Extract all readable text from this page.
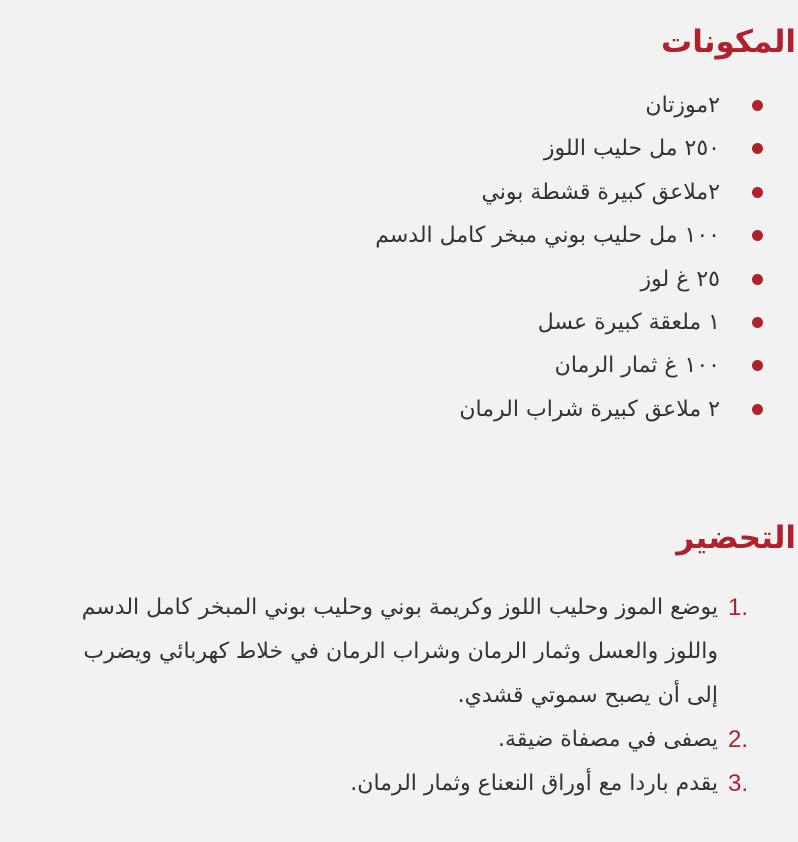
المكونات
٢موزتان
٢٥٠ مل حليب اللوز
٢ملاعق كبيرة قشطة بوني
١٠٠ مل حليب بوني مبخر كامل الدسم
٢٥ غ لوز
١ ملعقة كبيرة عسل
١٠٠ غ ثمار الرمان
٢ ملاعق كبيرة شراب الرمان
التحضير
1.
يوضع الموز وحليب اللوز وكريمة بوني وحليب بوني المبخر كامل الدسم واللوز والعسل وثمار الرمان وشراب الرمان في خلاط كهربائي ويضرب إلى أن يصبح سموتي قشدي.
2.
يصفى في مصفاة ضيقة.
3.
يقدم باردا مع أوراق النعناع وثمار الرمان.
